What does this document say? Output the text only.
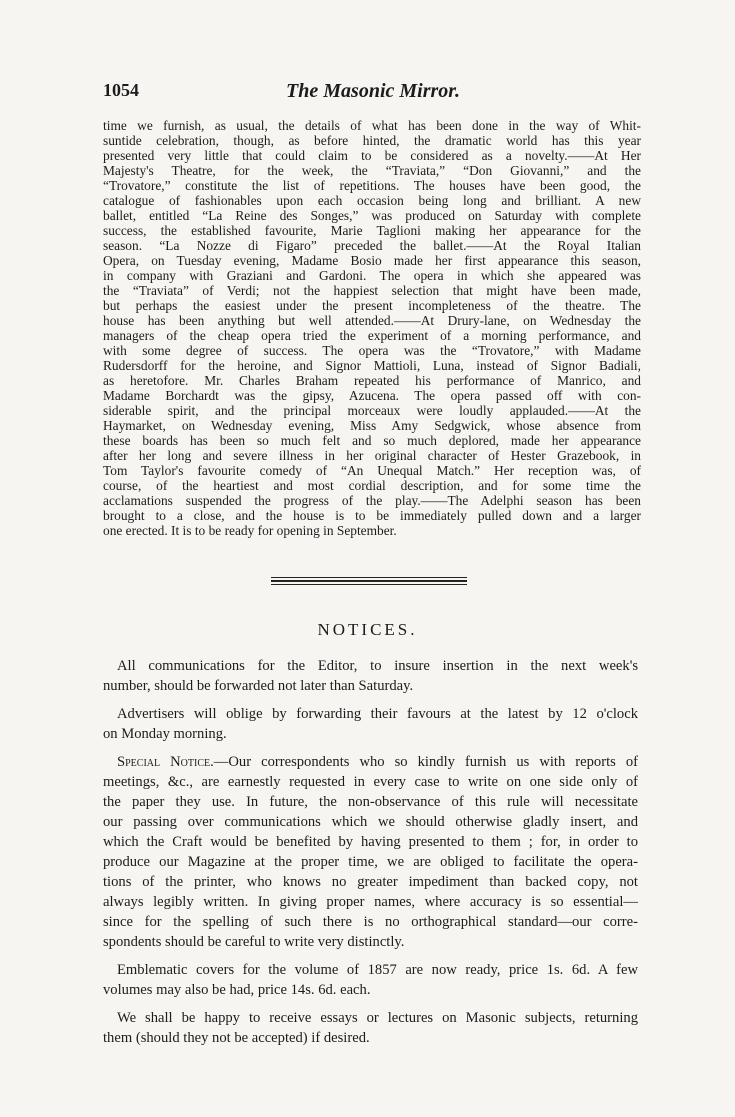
1054	The Masonic Mirror.
time we furnish, as usual, the details of what has been done in the way of Whit-
suntide celebration, though, as before hinted, the dramatic world has this year
presented very little that could claim to be considered as a novelty.——At Her
Majesty's Theatre, for the week, the “Traviata,” “Don Giovanni,” and the
“Trovatore,” constitute the list of repetitions. The houses have been good, the
catalogue of fashionables upon each occasion being long and brilliant. A new
ballet, entitled “La Reine des Songes,” was produced on Saturday with complete
success, the established favourite, Marie Taglioni making her appearance for the
season. “La Nozze di Figaro” preceded the ballet.——At the Royal Italian
Opera, on Tuesday evening, Madame Bosio made her first appearance this season,
in company with Graziani and Gardoni. The opera in which she appeared was
the “Traviata” of Verdi; not the happiest selection that might have been made,
but perhaps the easiest under the present incompleteness of the theatre. The
house has been anything but well attended.——At Drury-lane, on Wednesday the
managers of the cheap opera tried the experiment of a morning performance, and
with some degree of success. The opera was the “Trovatore,” with Madame
Rudersdorff for the heroine, and Signor Mattioli, Luna, instead of Signor Badiali,
as heretofore. Mr. Charles Braham repeated his performance of Manrico, and
Madame Borchardt was the gipsy, Azucena. The opera passed off with con-
siderable spirit, and the principal morceaux were loudly applauded.——At the
Haymarket, on Wednesday evening, Miss Amy Sedgwick, whose absence from
these boards has been so much felt and so much deplored, made her appearance
after her long and severe illness in her original character of Hester Grazebook, in
Tom Taylor's favourite comedy of “An Unequal Match.” Her reception was, of
course, of the heartiest and most cordial description, and for some time the
acclamations suspended the progress of the play.——The Adelphi season has been
brought to a close, and the house is to be immediately pulled down and a larger
one erected. It is to be ready for opening in September.
NOTICES.
All communications for the Editor, to insure insertion in the next week's
number, should be forwarded not later than Saturday.
Advertisers will oblige by forwarding their favours at the latest by 12 o'clock
on Monday morning.
Special Notice.—Our correspondents who so kindly furnish us with reports of
meetings, &c., are earnestly requested in every case to write on one side only of
the paper they use. In future, the non-observance of this rule will necessitate
our passing over communications which we should otherwise gladly insert, and
which the Craft would be benefited by having presented to them ; for, in order to
produce our Magazine at the proper time, we are obliged to facilitate the opera-
tions of the printer, who knows no greater impediment than backed copy, not
always legibly written. In giving proper names, where accuracy is so essential—
since for the spelling of such there is no orthographical standard—our corre-
spondents should be careful to write very distinctly.
Emblematic covers for the volume of 1857 are now ready, price 1s. 6d. A few
volumes may also be had, price 14s. 6d. each.
We shall be happy to receive essays or lectures on Masonic subjects, returning
them (should they not be accepted) if desired.
